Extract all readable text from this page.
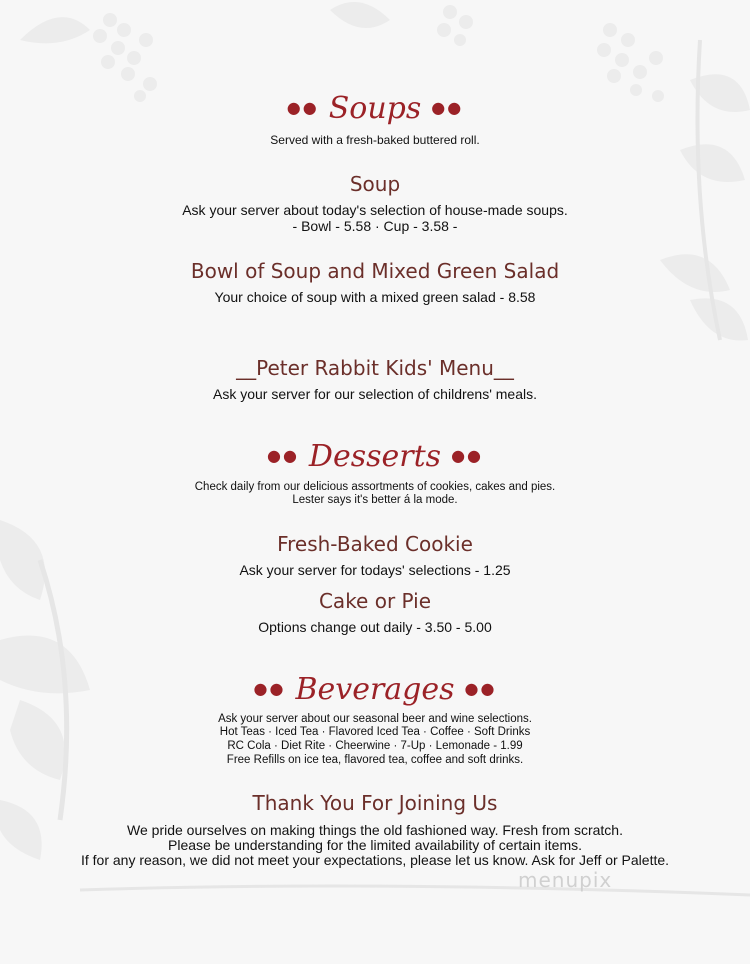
●● Soups ●●
Served with a fresh-baked buttered roll.
Soup
Ask your server about today's selection of house-made soups.
- Bowl - 5.58 · Cup - 3.58 -
Bowl of Soup and Mixed Green Salad
Your choice of soup with a mixed green salad - 8.58
__Peter Rabbit Kids' Menu__
Ask your server for our selection of childrens' meals.
●● Desserts ●●
Check daily from our delicious assortments of cookies, cakes and pies.
Lester says it's better á la mode.
Fresh-Baked Cookie
Ask your server for todays' selections - 1.25
Cake or Pie
Options change out daily - 3.50 - 5.00
●● Beverages ●●
Ask your server about our seasonal beer and wine selections.
Hot Teas · Iced Tea · Flavored Iced Tea · Coffee · Soft Drinks
RC Cola · Diet Rite · Cheerwine · 7-Up · Lemonade - 1.99
Free Refills on ice tea, flavored tea, coffee and soft drinks.
Thank You For Joining Us
We pride ourselves on making things the old fashioned way. Fresh from scratch.
Please be understanding for the limited availability of certain items.
If for any reason, we did not meet your expectations, please let us know. Ask for Jeff or Palette.
menupix
